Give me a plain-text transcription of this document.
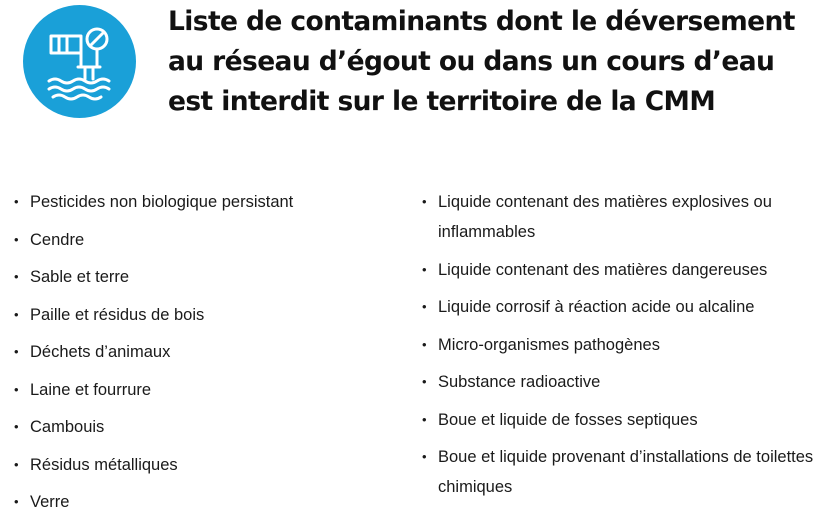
Liste de contaminants dont le déversement au réseau d’égout ou dans un cours d’eau est interdit sur le territoire de la CMM
• Pesticides non biologique persistant
• Cendre
• Sable et terre
• Paille et résidus de bois
• Déchets d’animaux
• Laine et fourrure
• Cambouis
• Résidus métalliques
• Verre
• Liquide contenant des matières explosives ou inflammables
• Liquide contenant des matières dangereuses
• Liquide corrosif à réaction acide ou alcaline
• Micro-organismes pathogènes
• Substance radioactive
• Boue et liquide de fosses septiques
• Boue et liquide provenant d’installations de toilettes chimiques
